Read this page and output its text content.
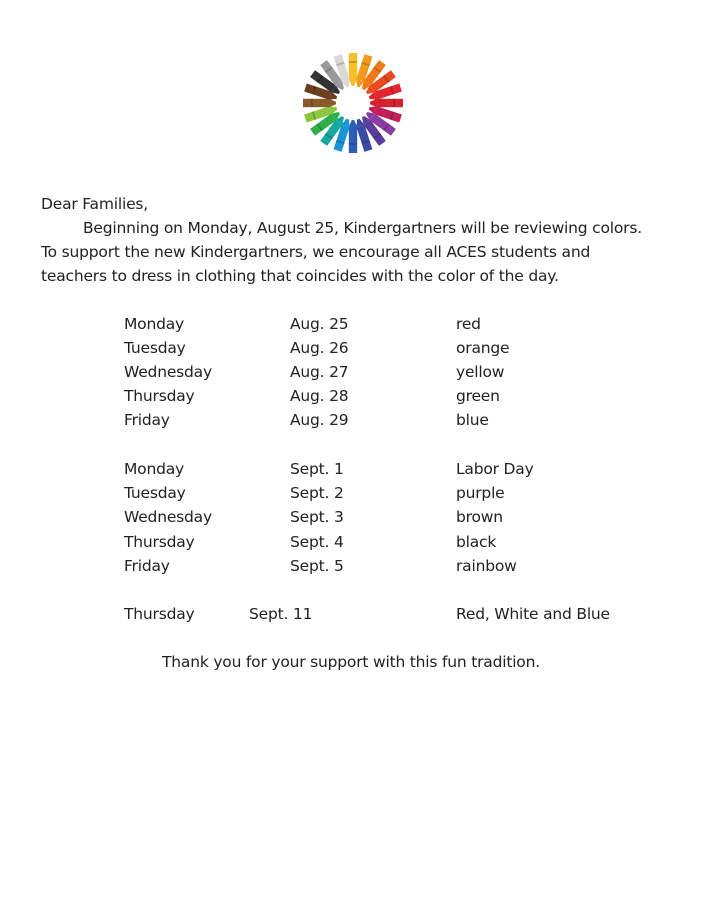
Dear Families,
Beginning on Monday, August 25, Kindergartners will be reviewing colors.
To support the new Kindergartners, we encourage all ACES students and
teachers to dress in clothing that coincides with the color of the day.
Monday	Aug. 25	red
Tuesday	Aug. 26	orange
Wednesday	Aug. 27	yellow
Thursday	Aug. 28	green
Friday	Aug. 29	blue
Monday	Sept. 1	Labor Day
Tuesday	Sept. 2	purple
Wednesday	Sept. 3	brown
Thursday	Sept. 4	black
Friday	Sept. 5	rainbow
Thursday	Sept. 11	Red, White and Blue
Thank you for your support with this fun tradition.
